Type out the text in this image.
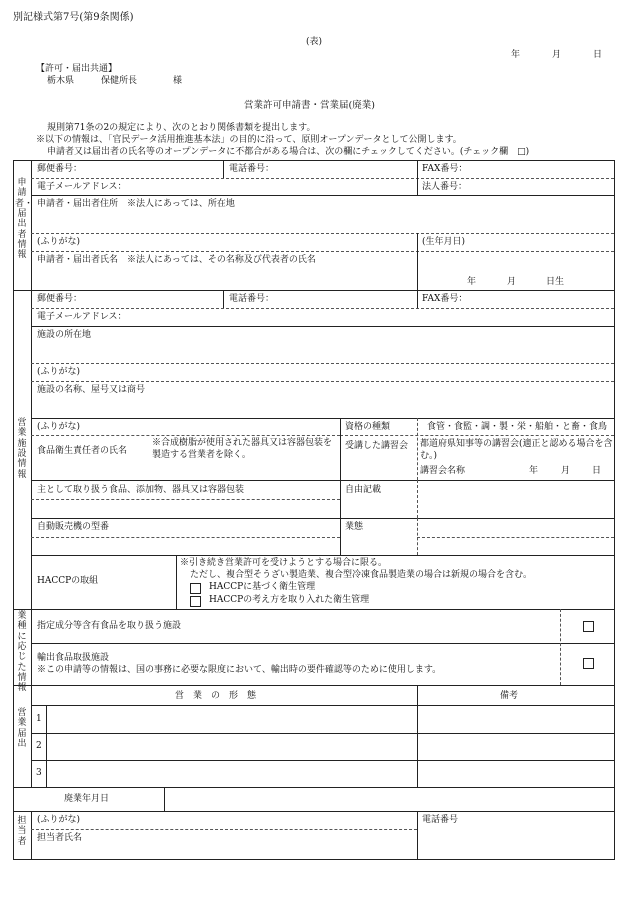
別記様式第7号(第9条関係)
(表)
年	月	日
【許可・届出共通】
栃木県　　　保健所長　　　　様
営業許可申請書・営業届(廃業)
規則第71条の2の規定により、次のとおり関係書類を提出します。
※以下の情報は、「官民データ活用推進基本法」の目的に沿って、原則オープンデータとして公開します。
申請者又は届出者の氏名等のオープンデータに不都合がある場合は、次の欄にチェックしてください。(チェック欄　□)
申請者・届出者情報
郵便番号：	電話番号：	FAX番号：
電子メールアドレス：	法人番号：
申請者・届出者住所　※法人にあっては、所在地
(ふりがな)	(生年月日)
申請者・届出者氏名　※法人にあっては、その名称及び代表者の氏名
年	月	日生
営業施設情報
郵便番号：	電話番号：	FAX番号：
電子メールアドレス：
施設の所在地
(ふりがな)
施設の名称、屋号又は商号
(ふりがな)
食品衛生責任者の氏名
※合成樹脂が使用された器具又は容器包装を製造する営業者を除く。
資格の種類	食管・食監・調・製・栄・船舶・と畜・食鳥
受講した講習会 都道府県知事等の講習会(適正と認める場合を含む。)
講習会名称	年	月 日
主として取り扱う食品、添加物、器具又は容器包装	自由記載
自動販売機の型番	業態
HACCPの取組
※引き続き営業許可を受けようとする場合に限る。
ただし、複合型そうざい製造業、複合型冷凍食品製造業の場合は新規の場合を含む。
HACCPに基づく衛生管理
HACCPの考え方を取り入れた衛生管理
業種に応じた情報
指定成分等含有食品を取り扱う施設
輸出食品取扱施設
※この申請等の情報は、国の事務に必要な限度において、輸出時の要件確認等のために使用します。
営業届出
営　業　の　形　態	備考
1
2
3
廃業年月日
担当者
(ふりがな)
担当者氏名
電話番号
